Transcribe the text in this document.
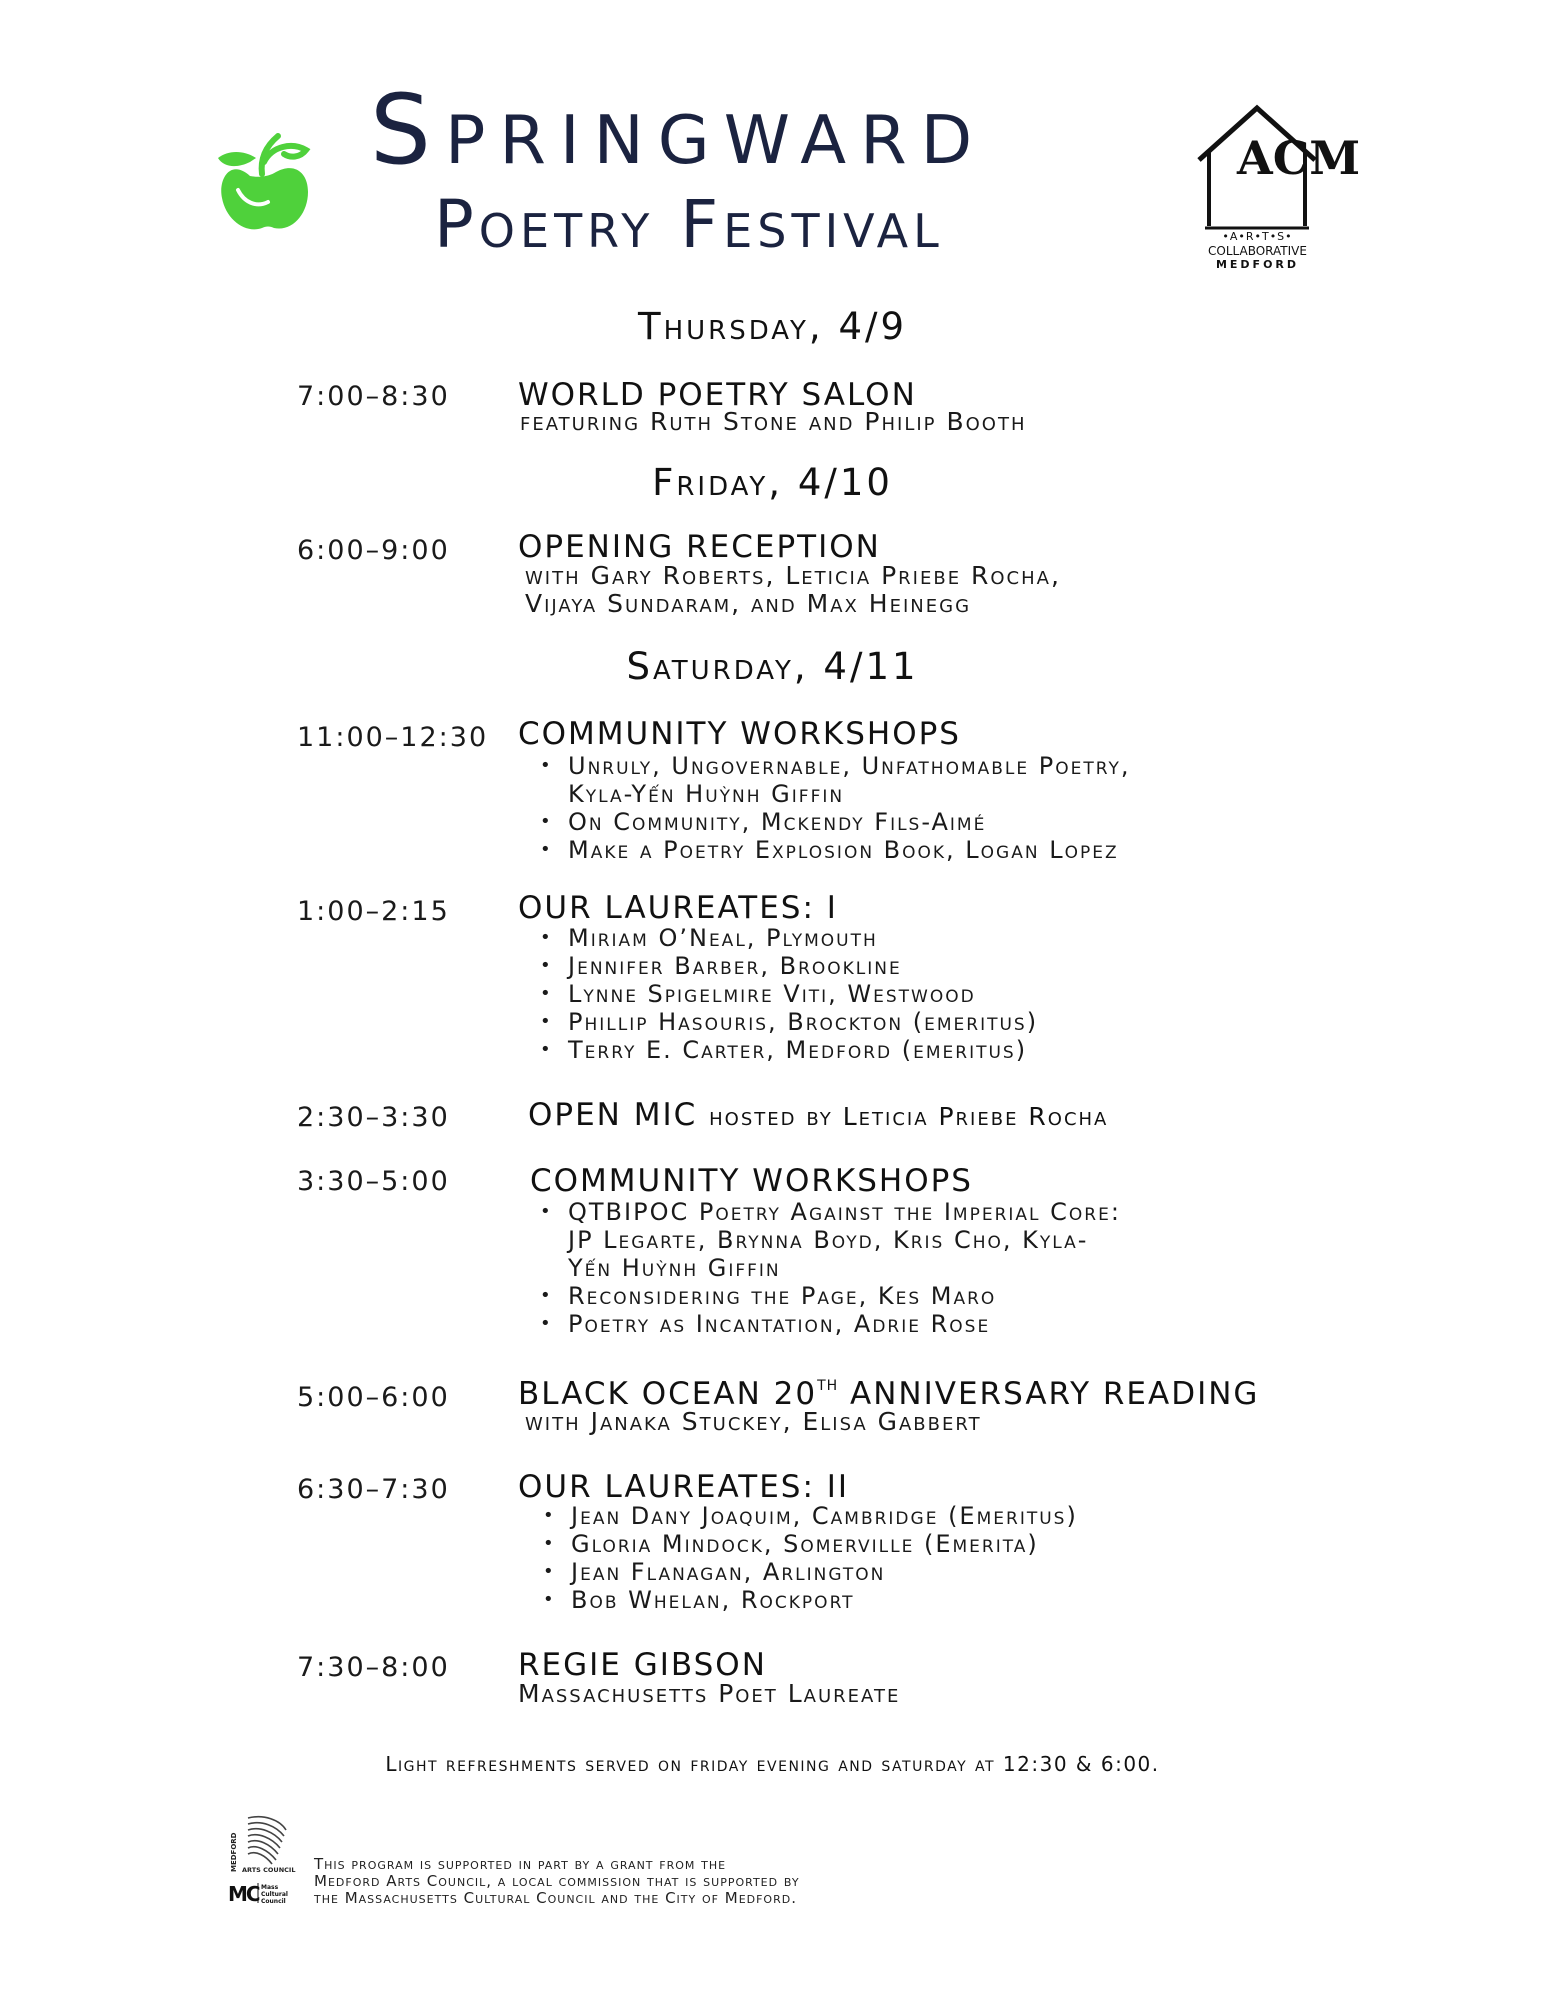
Springward
Poetry Festival
ACM
•A•R•T•S•
COLLABORATIVE
MEDFORD
Thursday, 4/9
7:00–8:30 WORLD POETRY SALON
featuring Ruth Stone and Philip Booth
Friday, 4/10
6:00–9:00 OPENING RECEPTION
with Gary Roberts, Leticia Priebe Rocha,
Vijaya Sundaram, and Max Heinegg
Saturday, 4/11
11:00–12:30 COMMUNITY WORKSHOPS
• Unruly, Ungovernable, Unfathomable Poetry,
Kyla-Yến Huỳnh Giffin
• On Community, Mckendy Fils-Aimé
• Make a Poetry Explosion Book, Logan Lopez
1:00–2:15 OUR LAUREATES: I
• Miriam O’Neal, Plymouth
• Jennifer Barber, Brookline
• Lynne Spigelmire Viti, Westwood
• Phillip Hasouris, Brockton (emeritus)
• Terry E. Carter, Medford (emeritus)
2:30–3:30	OPEN MIC hosted by Leticia Priebe Rocha
3:30–5:00	COMMUNITY WORKSHOPS
• QTBIPOC Poetry Against the Imperial Core:
JP Legarte, Brynna Boyd, Kris Cho, Kyla-
Yến Huỳnh Giffin
• Reconsidering the Page, Kes Maro
• Poetry as Incantation, Adrie Rose
5:00–6:00 BLACK OCEAN 20TH ANNIVERSARY READING
with Janaka Stuckey, Elisa Gabbert
6:30–7:30 OUR LAUREATES: II
• Jean Dany Joaquim, Cambridge (Emeritus)
• Gloria Mindock, Somerville (Emerita)
• Jean Flanagan, Arlington
• Bob Whelan, Rockport
7:30–8:00 REGIE GIBSON
Massachusetts Poet Laureate
Light refreshments served on friday evening and saturday at 12:30 & 6:00.
MEDFORD ARTS COUNCIL
MC Mass
Cultural
Council
This program is supported in part by a grant from the
Medford Arts Council, a local commission that is supported by
the Massachusetts Cultural Council and the City of Medford.
